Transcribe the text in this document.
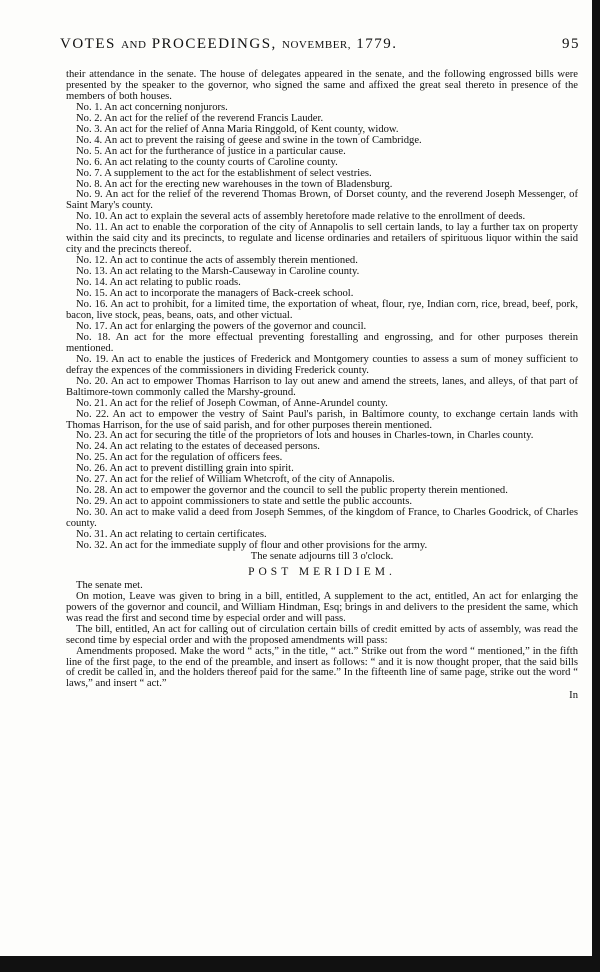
VOTES AND PROCEEDINGS, NOVEMBER, 1779.	95

their attendance in the senate. The house of delegates appeared in the senate, and the following engrossed bills were presented by the speaker to the governor, who signed the same and affixed the great seal thereto in presence of the members of both houses.

No. 1. An act concerning nonjurors.

No. 2. An act for the relief of the reverend Francis Lauder.

No. 3. An act for the relief of Anna Maria Ringgold, of Kent county, widow.

No. 4. An act to prevent the raising of geese and swine in the town of Cambridge.

No. 5. An act for the furtherance of justice in a particular cause.

No. 6. An act relating to the county courts of Caroline county.

No. 7. A supplement to the act for the establishment of select vestries.

No. 8. An act for the erecting new warehouses in the town of Bladensburg.

No. 9. An act for the relief of the reverend Thomas Brown, of Dorset county, and the reverend Joseph Messenger, of Saint Mary's county.

No. 10. An act to explain the several acts of assembly heretofore made relative to the enrollment of deeds.

No. 11. An act to enable the corporation of the city of Annapolis to sell certain lands, to lay a further tax on property within the said city and its precincts, to regulate and license ordinaries and retailers of spirituous liquor within the said city and the precincts thereof.

No. 12. An act to continue the acts of assembly therein mentioned.

No. 13. An act relating to the Marsh-Causeway in Caroline county.

No. 14. An act relating to public roads.

No. 15. An act to incorporate the managers of Back-creek school.

No. 16. An act to prohibit, for a limited time, the exportation of wheat, flour, rye, Indian corn, rice, bread, beef, pork, bacon, live stock, peas, beans, oats, and other victual.

No. 17. An act for enlarging the powers of the governor and council.

No. 18. An act for the more effectual preventing forestalling and engrossing, and for other purposes therein mentioned.

No. 19. An act to enable the justices of Frederick and Montgomery counties to assess a sum of money sufficient to defray the expences of the commissioners in dividing Frederick county.

No. 20. An act to empower Thomas Harrison to lay out anew and amend the streets, lanes, and alleys, of that part of Baltimore-town commonly called the Marshy-ground.

No. 21. An act for the relief of Joseph Cowman, of Anne-Arundel county.

No. 22. An act to empower the vestry of Saint Paul's parish, in Baltimore county, to exchange certain lands with Thomas Harrison, for the use of said parish, and for other purposes therein mentioned.

No. 23. An act for securing the title of the proprietors of lots and houses in Charles-town, in Charles county.

No. 24. An act relating to the estates of deceased persons.

No. 25. An act for the regulation of officers fees.

No. 26. An act to prevent distilling grain into spirit.

No. 27. An act for the relief of William Whetcroft, of the city of Annapolis.

No. 28. An act to empower the governor and the council to sell the public property therein mentioned.

No. 29. An act to appoint commissioners to state and settle the public accounts.

No. 30. An act to make valid a deed from Joseph Semmes, of the kingdom of France, to Charles Goodrick, of Charles county.

No. 31. An act relating to certain certificates.

No. 32. An act for the immediate supply of flour and other provisions for the army.

The senate adjourns till 3 o'clock.

POST MERIDIEM.

The senate met.

On motion, Leave was given to bring in a bill, entitled, A supplement to the act, entitled, An act for enlarging the powers of the governor and council, and William Hindman, Esq; brings in and delivers to the president the same, which was read the first and second time by especial order and will pass.

The bill, entitled, An act for calling out of circulation certain bills of credit emitted by acts of assembly, was read the second time by especial order and with the proposed amendments will pass:

Amendments proposed. Make the word “ acts,” in the title, “ act.” Strike out from the word “ mentioned,” in the fifth line of the first page, to the end of the preamble, and insert as follows: “ and it is now thought proper, that the said bills of credit be called in, and the holders thereof paid for the same.” In the fifteenth line of same page, strike out the word “ laws,” and insert “ act.”

In
